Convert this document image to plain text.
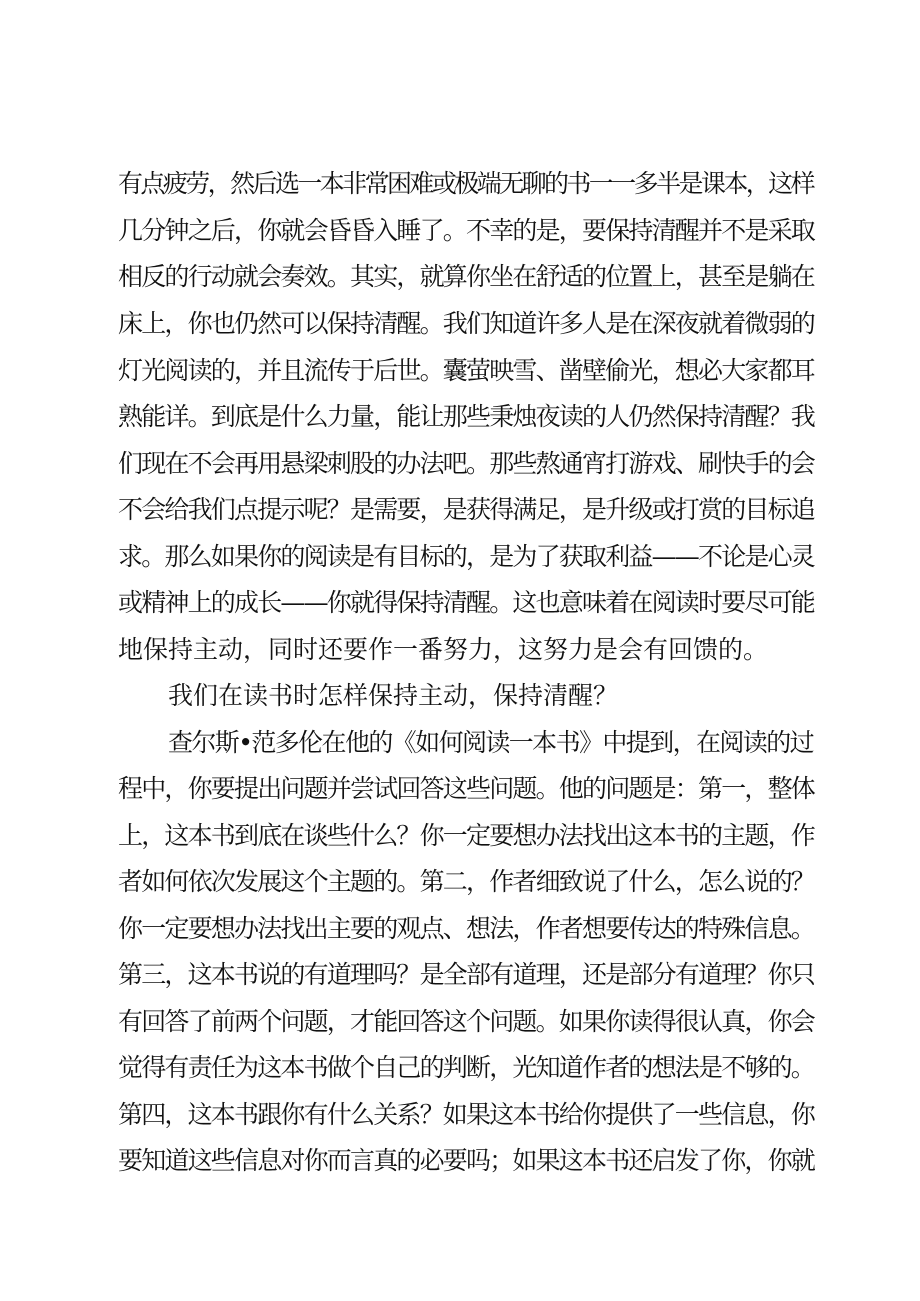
有点疲劳，然后选一本非常困难或极端无聊的书一一多半是课本，这样
几分钟之后，你就会昏昏入睡了。不幸的是，要保持清醒并不是采取
相反的行动就会奏效。其实，就算你坐在舒适的位置上，甚至是躺在
床上，你也仍然可以保持清醒。我们知道许多人是在深夜就着微弱的
灯光阅读的，并且流传于后世。囊萤映雪、凿壁偷光，想必大家都耳
熟能详。到底是什么力量，能让那些秉烛夜读的人仍然保持清醒？我
们现在不会再用悬梁刺股的办法吧。那些熬通宵打游戏、刷快手的会
不会给我们点提示呢？是需要，是获得满足，是升级或打赏的目标追
求。那么如果你的阅读是有目标的，是为了获取利益——不论是心灵
或精神上的成长——你就得保持清醒。这也意味着在阅读时要尽可能
地保持主动，同时还要作一番努力，这努力是会有回馈的。
我们在读书时怎样保持主动，保持清醒？
查尔斯•范多伦在他的《如何阅读一本书》中提到，在阅读的过
程中，你要提出问题并尝试回答这些问题。他的问题是：第一，整体
上，这本书到底在谈些什么？你一定要想办法找出这本书的主题，作
者如何依次发展这个主题的。第二，作者细致说了什么，怎么说的？
你一定要想办法找出主要的观点、想法，作者想要传达的特殊信息。
第三，这本书说的有道理吗？是全部有道理，还是部分有道理？你只
有回答了前两个问题，才能回答这个问题。如果你读得很认真，你会
觉得有责任为这本书做个自己的判断，光知道作者的想法是不够的。
第四，这本书跟你有什么关系？如果这本书给你提供了一些信息，你
要知道这些信息对你而言真的必要吗；如果这本书还启发了你，你就
